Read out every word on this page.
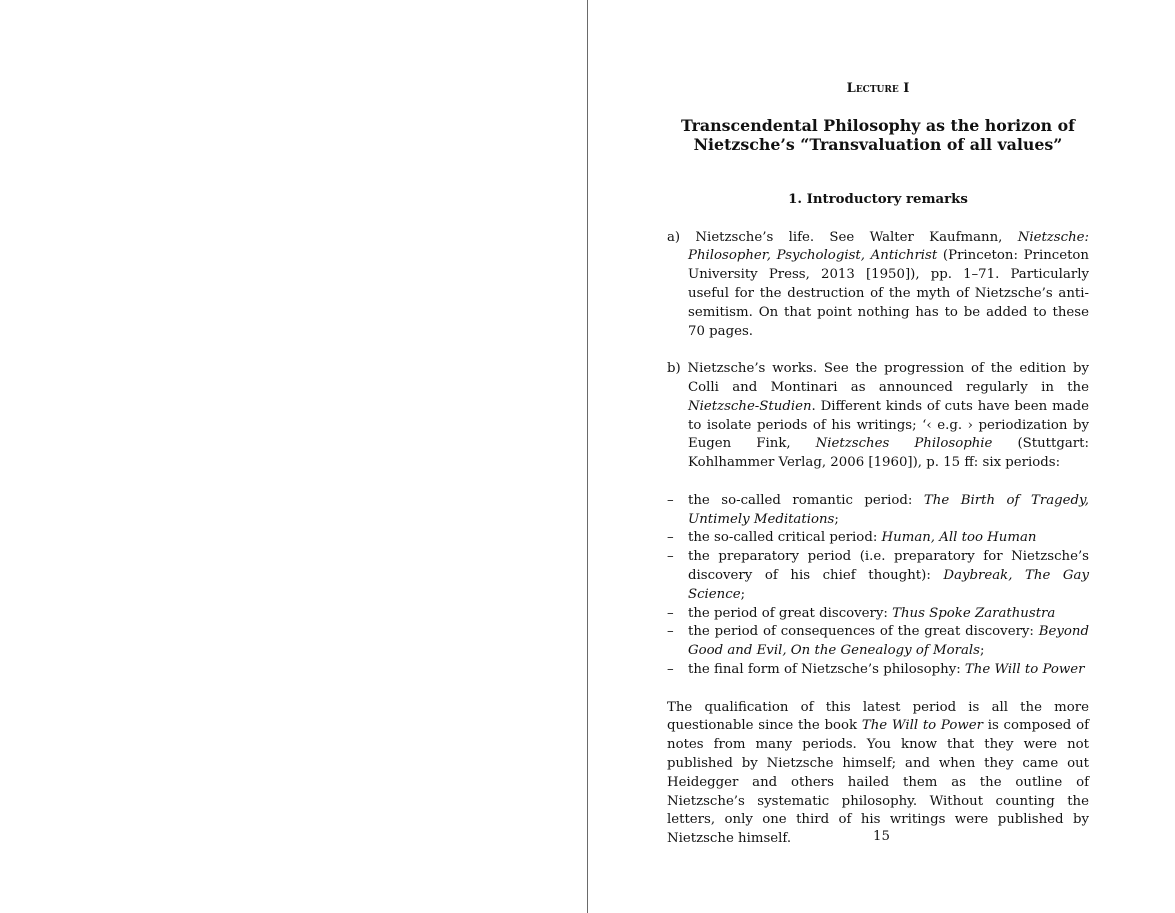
Lecture I

Transcendental Philosophy as the horizon of
Nietzsche’s “Transvaluation of all values”
1. Introductory remarks

a) Nietzsche’s life. See Walter Kaufmann, Nietzsche: Philosopher, Psychologist, Antichrist (Princeton: Princeton University Press, 2013 [1950]), pp. 1–71. Particularly useful for the destruction of the myth of Nietzsche’s anti-semitism. On that point nothing has to be added to these 70 pages.

b) Nietzsche’s works. See the progression of the edition by Colli and Montinari as announced regularly in the Nietzsche-Studien. Different kinds of cuts have been made to isolate periods of his writings; ‘‹ e.g. › periodization by Eugen Fink, Nietzsches Philosophie (Stuttgart: Kohlhammer Verlag, 2006 [1960]), p. 15 ff: six periods:

–	the so-called romantic period: The Birth of Tragedy, Untimely Meditations;
–	the so-called critical period: Human, All too Human
–	the preparatory period (i.e. preparatory for Nietzsche’s discovery of his chief thought): Daybreak, The Gay Science;
–	the period of great discovery: Thus Spoke Zarathustra
–	the period of consequences of the great discovery: Beyond Good and Evil, On the Genealogy of Morals;
–	the final form of Nietzsche’s philosophy: The Will to Power

The qualification of this latest period is all the more questionable since the book The Will to Power is composed of notes from many periods. You know that they were not published by Nietzsche himself; and when they came out Heidegger and others hailed them as the outline of Nietzsche’s systematic philosophy. Without counting the letters, only one third of his writings were published by Nietzsche himself.	15
